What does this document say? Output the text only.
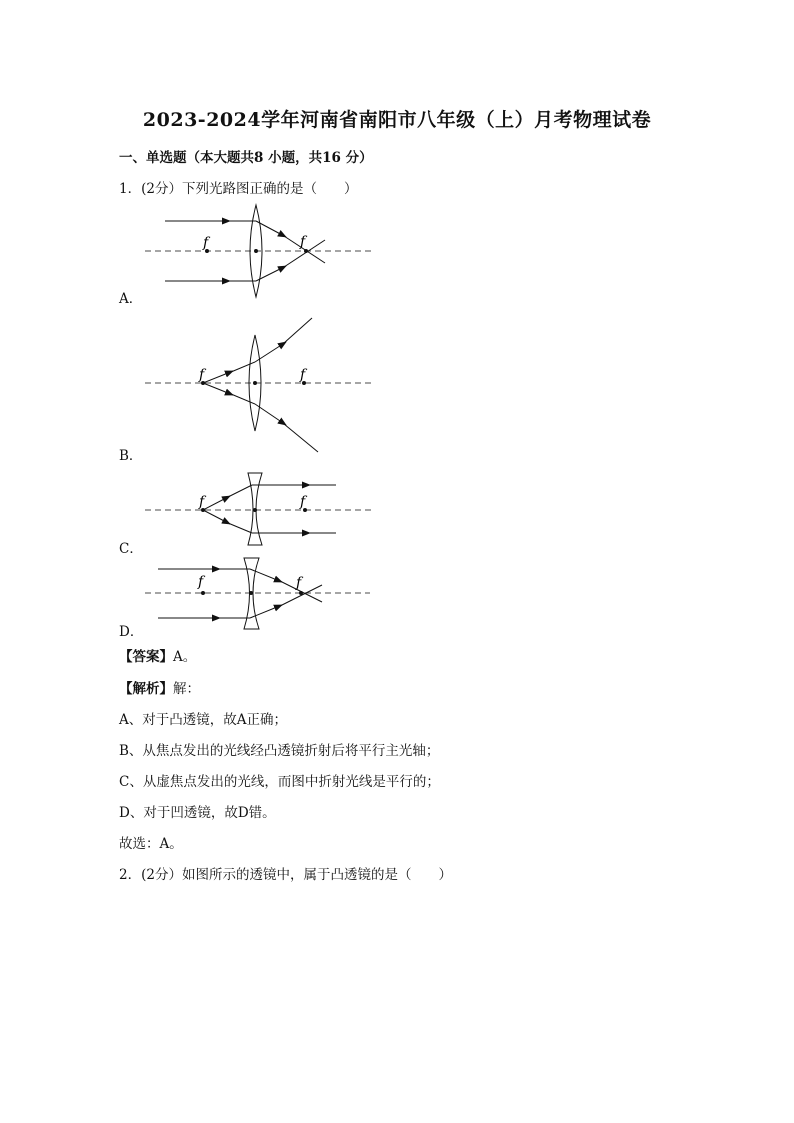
2023-2024学年河南省南阳市八年级（上）月考物理试卷
一、单选题（本大题共8 小题，共16 分）
1．(2分）下列光路图正确的是（　　）
f	f
A．
f	f
B．
f	f
C．
f	f
D．
【答案】A。
【解析】解：
A、对于凸透镜，故A正确；
B、从焦点发出的光线经凸透镜折射后将平行主光轴；
C、从虚焦点发出的光线，而图中折射光线是平行的；
D、对于凹透镜，故D错。
故选：A。
2．(2分）如图所示的透镜中，属于凸透镜的是（　　）
